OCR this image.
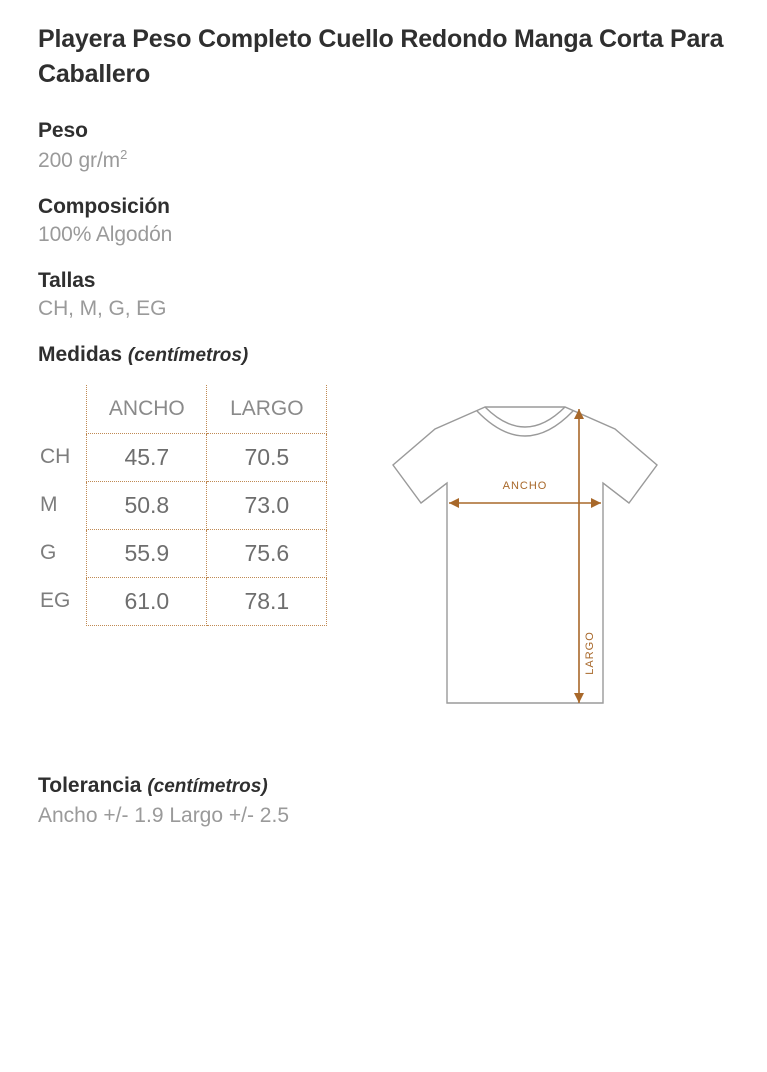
Playera Peso Completo Cuello Redondo Manga Corta Para Caballero
Peso
200 $gr/m^2$
Composición
100% Algodón
Tallas
CH, M, G, EG
Medidas (centímetros)
	ANCHO	LARGO
CH	45.7	70.5
M	50.8	73.0
G	55.9	75.6
EG	61.0	78.1
ANCHO
LARGO
Tolerancia (centímetros)
Ancho +/- 1.9 Largo +/- 2.5
